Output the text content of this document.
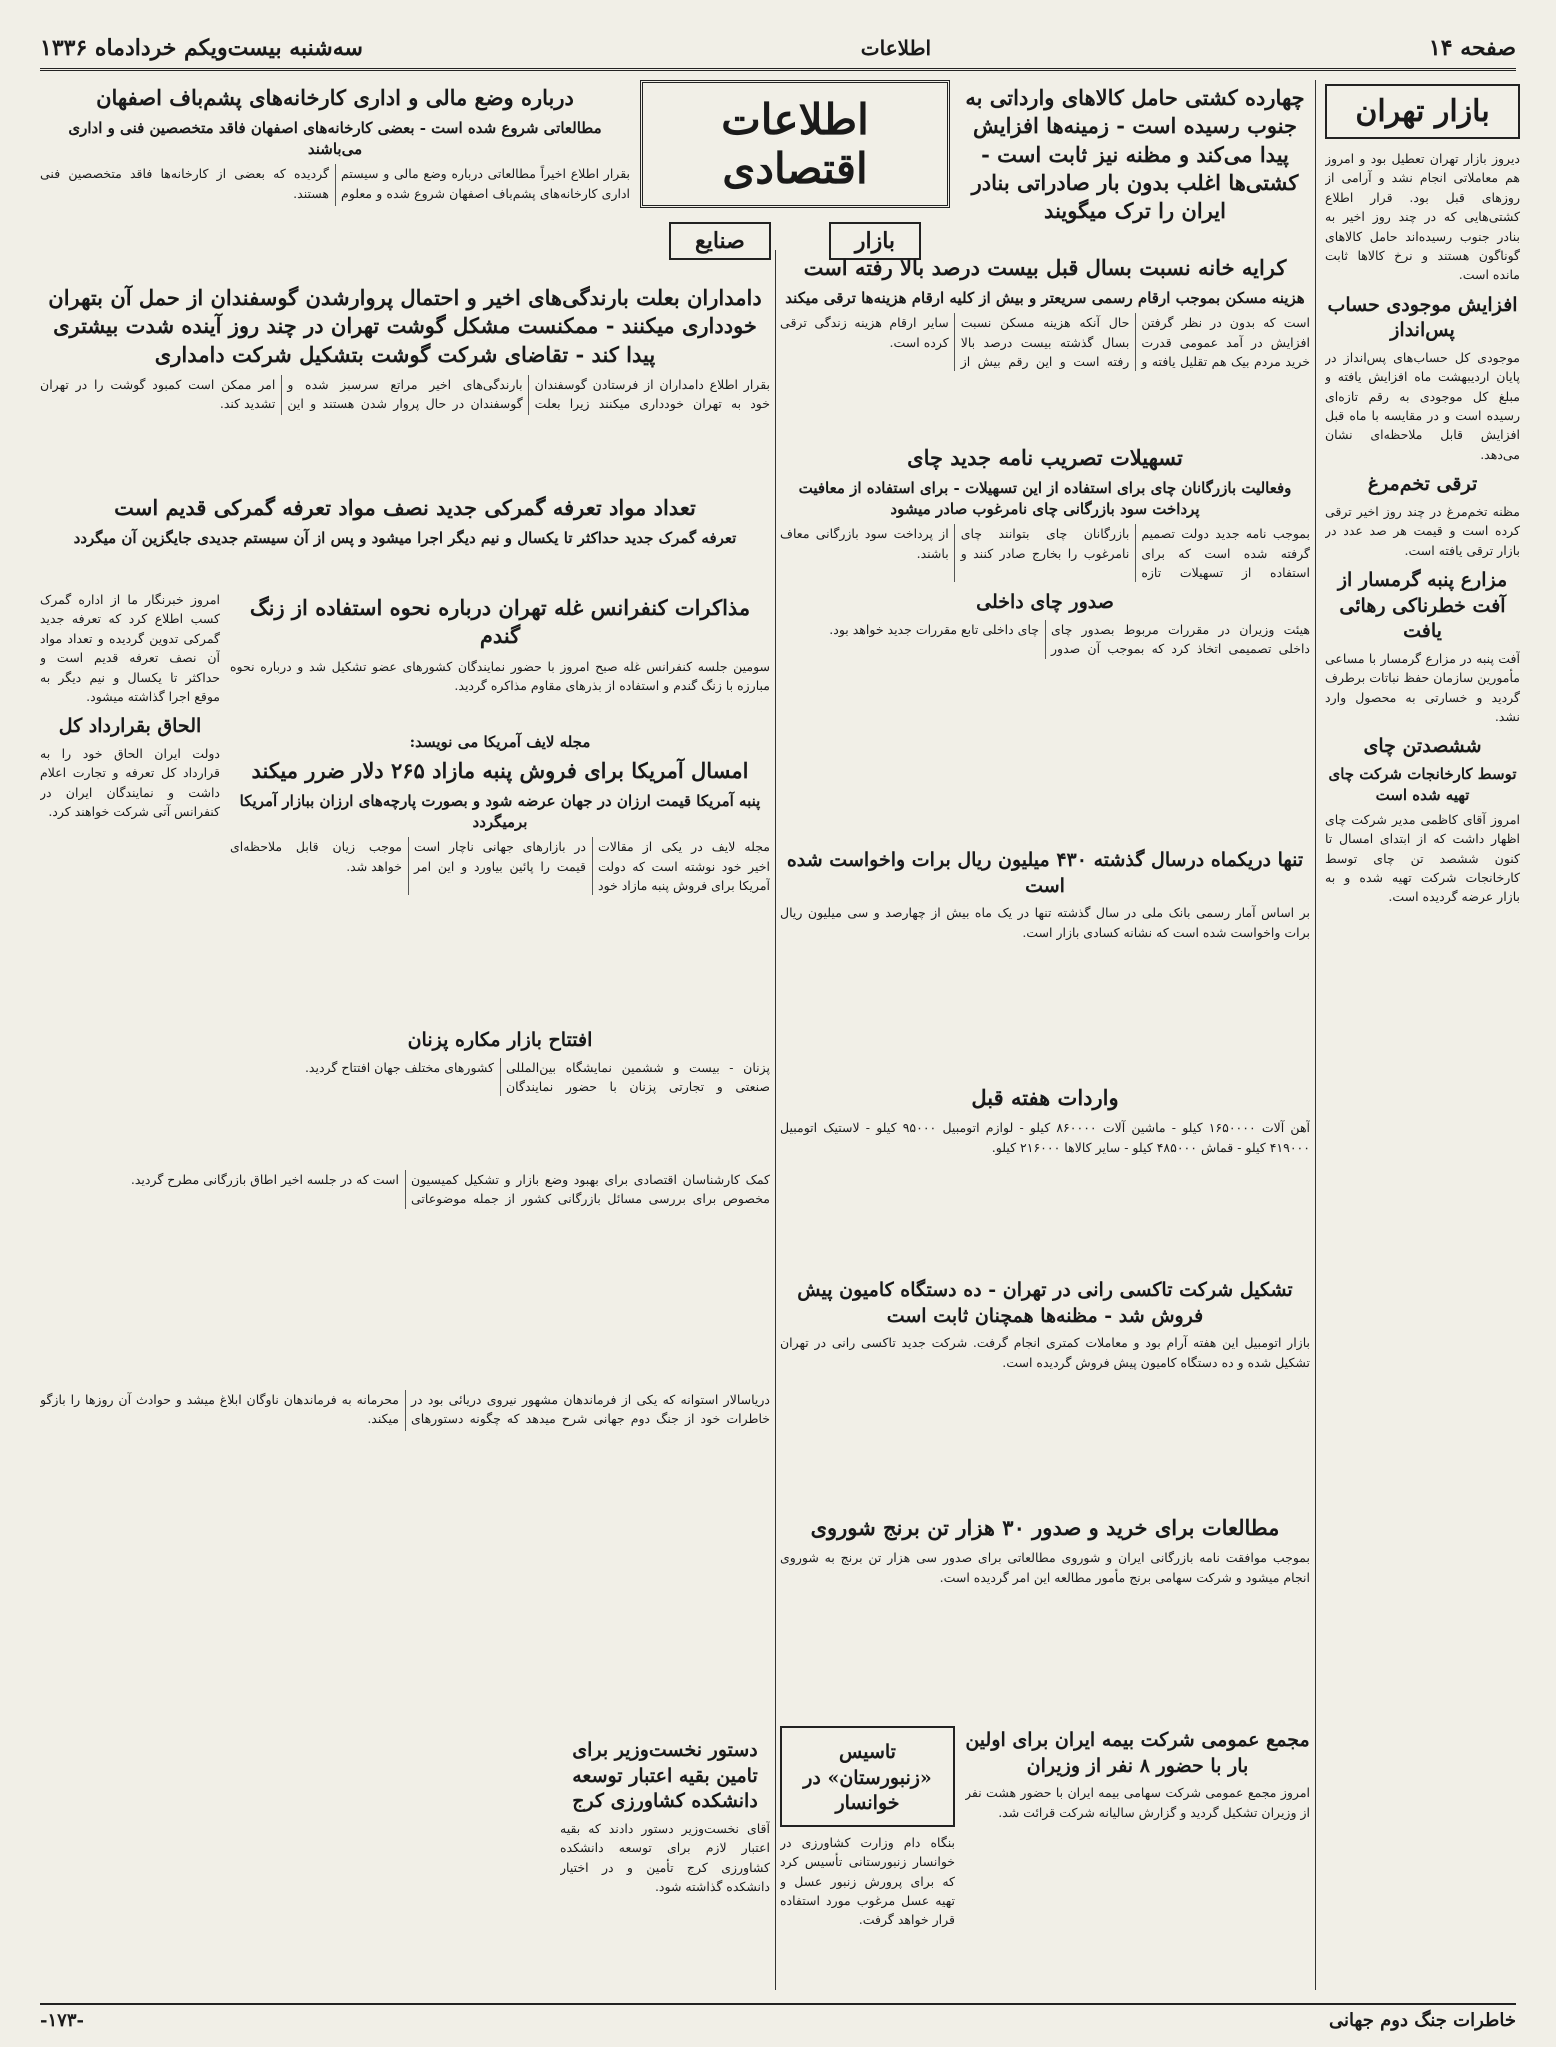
صفحه ۱۴
اطلاعات
سه‌شنبه بیست‌ویکم خردادماه ۱۳۳۶
بازار تهران

دیروز بازار تهران تعطیل بود و امروز هم معاملاتی انجام نشد و آرامی از روزهای قبل بود. قرار اطلاع کشتی‌هایی که در چند روز اخیر به بنادر جنوب رسیده‌اند حامل کالاهای گوناگون هستند و نرخ کالاها ثابت مانده است.

افزایش موجودی حساب پس‌انداز

موجودی کل حساب‌های پس‌انداز در پایان اردیبهشت ماه افزایش یافته و مبلغ کل موجودی به رقم تازه‌ای رسیده است و در مقایسه با ماه قبل افزایش قابل ملاحظه‌ای نشان می‌دهد.

ترقی تخم‌مرغ

مظنه تخم‌مرغ در چند روز اخیر ترقی کرده است و قیمت هر صد عدد در بازار ترقی یافته است.

مزارع پنبه گرمسار از آفت خطرناکی رهائی یافت

آفت پنبه در مزارع گرمسار با مساعی مأمورین سازمان حفظ نباتات برطرف گردید و خسارتی به محصول وارد نشد.

ششصدتن چای
توسط کارخانجات شرکت چای تهیه شده است

امروز آقای کاظمی مدیر شرکت چای اظهار داشت که از ابتدای امسال تا کنون ششصد تن چای توسط کارخانجات شرکت تهیه شده و به بازار عرضه گردیده است.

چهارده کشتی حامل کالاهای وارداتی به جنوب رسیده است - زمینه‌ها افزایش پیدا می‌کند و مظنه نیز ثابت است - کشتی‌ها اغلب بدون بار صادراتی بنادر ایران را ترک میگویند
اطلاعات اقتصادی
بازار
صنایع
درباره وضع مالی و اداری کارخانه‌های پشم‌باف اصفهان
مطالعاتی شروع شده است - بعضی کارخانه‌های اصفهان فاقد متخصصین فنی و اداری می‌باشند

بقرار اطلاع اخیراً مطالعاتی درباره وضع مالی و سیستم اداری کارخانه‌های پشم‌باف اصفهان شروع شده و معلوم گردیده که بعضی از کارخانه‌ها فاقد متخصصین فنی هستند.

کرایه خانه نسبت بسال قبل بیست درصد بالا رفته است
هزینه مسکن بموجب ارقام رسمی سریعتر و بیش از کلیه ارقام هزینه‌ها ترقی میکند

است که بدون در نظر گرفتن افزایش در آمد عمومی قدرت خرید مردم بیک هم تقلیل یافته و حال آنکه هزینه مسکن نسبت بسال گذشته بیست درصد بالا رفته است و این رقم بیش از سایر ارقام هزینه زندگی ترقی کرده است.

دامداران بعلت بارندگی‌های اخیر و احتمال پروارشدن گوسفندان از حمل آن بتهران خودداری میکنند - ممکنست مشکل گوشت تهران در چند روز آینده شدت بیشتری پیدا کند - تقاضای شرکت گوشت بتشکیل شرکت دامداری

بقرار اطلاع دامداران از فرستادن گوسفندان خود به تهران خودداری میکنند زیرا بعلت بارندگی‌های اخیر مراتع سرسبز شده و گوسفندان در حال پروار شدن هستند و این امر ممکن است کمبود گوشت را در تهران تشدید کند.

تسهیلات تصریب نامه جدید چای
وفعالیت بازرگانان چای برای استفاده از این تسهیلات - برای استفاده از معافیت پرداخت سود بازرگانی چای نامرغوب صادر میشود

بموجب نامه جدید دولت تصمیم گرفته شده است که برای استفاده از تسهیلات تازه بازرگانان چای بتوانند چای نامرغوب را بخارج صادر کنند و از پرداخت سود بازرگانی معاف باشند.

صدور چای داخلی

هیئت وزیران در مقررات مربوط بصدور چای داخلی تصمیمی اتخاذ کرد که بموجب آن صدور چای داخلی تابع مقررات جدید خواهد بود.

تعداد مواد تعرفه گمرکی جدید نصف مواد تعرفه گمرکی قدیم است
تعرفه گمرک جدید حداکثر تا یکسال و نیم دیگر اجرا میشود و پس از آن سیستم جدیدی جایگزین آن میگردد
مذاکرات کنفرانس غله تهران درباره نحوه استفاده از زنگ گندم

سومین جلسه کنفرانس غله صبح امروز با حضور نمایندگان کشورهای عضو تشکیل شد و درباره نحوه مبارزه با زنگ گندم و استفاده از بذرهای مقاوم مذاکره گردید.

امروز خبرنگار ما از اداره گمرک کسب اطلاع کرد که تعرفه جدید گمرکی تدوین گردیده و تعداد مواد آن نصف تعرفه قدیم است و حداکثر تا یکسال و نیم دیگر به موقع اجرا گذاشته میشود.

الحاق بقرارداد کل

دولت ایران الحاق خود را به قرارداد کل تعرفه و تجارت اعلام داشت و نمایندگان ایران در کنفرانس آتی شرکت خواهند کرد.

مجله لایف آمریکا می نویسد:
امسال آمریکا برای فروش پنبه مازاد ۲۶۵ دلار ضرر میکند
پنبه آمریکا قیمت ارزان در جهان عرضه شود و بصورت پارچه‌های ارزان ببازار آمریکا برمیگردد

مجله لایف در یکی از مقالات اخیر خود نوشته است که دولت آمریکا برای فروش پنبه مازاد خود در بازارهای جهانی ناچار است قیمت را پائین بیاورد و این امر موجب زیان قابل ملاحظه‌ای خواهد شد.

افتتاح بازار مکاره پزنان

پزنان - بیست و ششمین نمایشگاه بین‌المللی صنعتی و تجارتی پزنان با حضور نمایندگان کشورهای مختلف جهان افتتاح گردید.

تنها دریکماه درسال گذشته ۴۳۰ میلیون ریال برات واخواست شده است

بر اساس آمار رسمی بانک ملی در سال گذشته تنها در یک ماه بیش از چهارصد و سی میلیون ریال برات واخواست شده است که نشانه کسادی بازار است.

واردات هفته قبل

آهن آلات ۱۶۵۰۰۰۰ کیلو - ماشین آلات ۸۶۰۰۰۰ کیلو - لوازم اتومبیل ۹۵۰۰۰ کیلو - لاستیک اتومبیل ۴۱۹۰۰۰ کیلو - قماش ۴۸۵۰۰۰ کیلو - سایر کالاها ۲۱۶۰۰۰ کیلو.

تشکیل شرکت تاکسی رانی در تهران - ده دستگاه کامیون پیش فروش شد - مظنه‌ها همچنان ثابت است

بازار اتومبیل این هفته آرام بود و معاملات کمتری انجام گرفت. شرکت جدید تاکسی رانی در تهران تشکیل شده و ده دستگاه کامیون پیش فروش گردیده است.

کمک کارشناسان اقتصادی برای بهبود وضع بازار و تشکیل کمیسیون مخصوص برای بررسی مسائل بازرگانی کشور از جمله موضوعاتی است که در جلسه اخیر اطاق بازرگانی مطرح گردید.

دریاسالار استوانه که یکی از فرماندهان مشهور نیروی دریائی بود در خاطرات خود از جنگ دوم جهانی شرح میدهد که چگونه دستورهای محرمانه به فرماندهان ناوگان ابلاغ میشد و حوادث آن روزها را بازگو میکند.

مطالعات برای خرید و صدور ۳۰ هزار تن برنج شوروی

بموجب موافقت نامه بازرگانی ایران و شوروی مطالعاتی برای صدور سی هزار تن برنج به شوروی انجام میشود و شرکت سهامی برنج مأمور مطالعه این امر گردیده است.

دستور نخست‌وزیر برای تامین بقیه اعتبار توسعه دانشکده کشاورزی کرج

آقای نخست‌وزیر دستور دادند که بقیه اعتبار لازم برای توسعه دانشکده کشاورزی کرج تأمین و در اختیار دانشکده گذاشته شود.

تاسیس «زنبورستان» در خوانسار

بنگاه دام وزارت کشاورزی در خوانسار زنبورستانی تأسیس کرد که برای پرورش زنبور عسل و تهیه عسل مرغوب مورد استفاده قرار خواهد گرفت.

مجمع عمومی شرکت بیمه ایران برای اولین بار با حضور ۸ نفر از وزیران

امروز مجمع عمومی شرکت سهامی بیمه ایران با حضور هشت نفر از وزیران تشکیل گردید و گزارش سالیانه شرکت قرائت شد.

خاطرات جنگ دوم جهانی
-۱۷۳-
